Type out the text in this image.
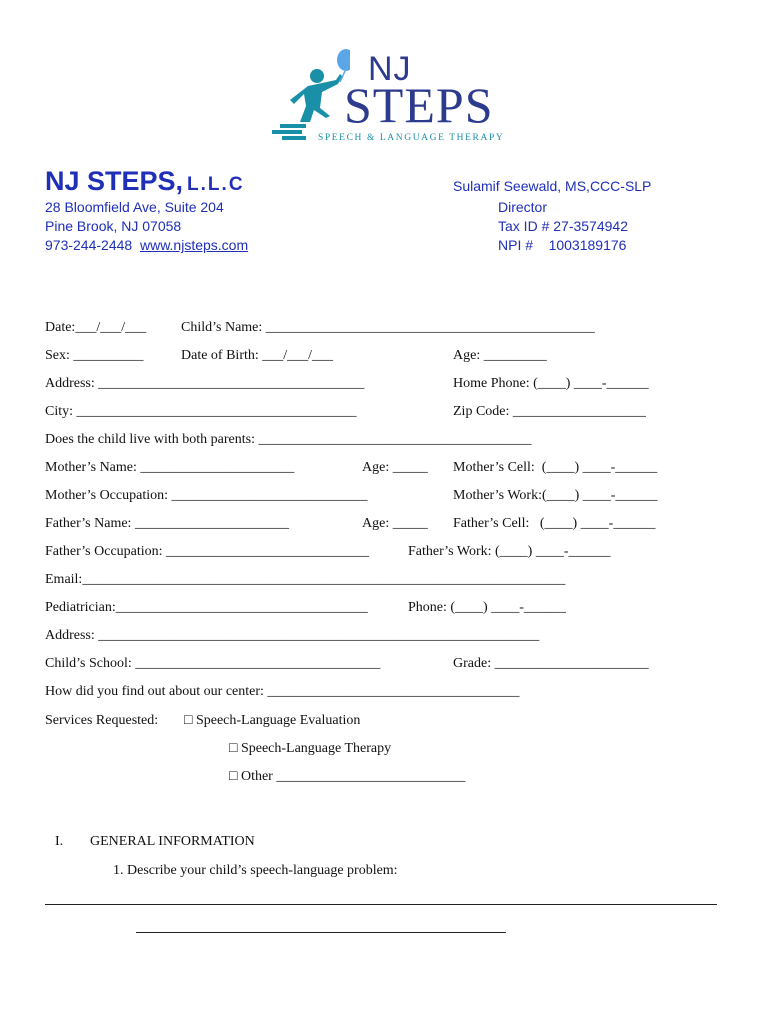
NJ
STEPS
SPEECH & LANGUAGE THERAPY
NJ STEPS, L.L.C
28 Bloomfield Ave, Suite 204
Pine Brook, NJ 07058
973-244-2448 www.njsteps.com
Sulamif Seewald, MS,CCC-SLP
Director
Tax ID # 27-3574942
NPI #    1003189176
Date:___/___/___ Child’s Name: _______________________________________________
Sex: __________	Date of Birth: ___/___/___	Age: _________
Address: ______________________________________	Home Phone: (____) ____-______
City: ________________________________________	Zip Code: ___________________
Does the child live with both parents: _______________________________________
Mother’s Name: ______________________	Age: _____ Mother’s Cell:  (____) ____-______
Mother’s Occupation: ____________________________	Mother’s Work:(____) ____-______
Father’s Name: ______________________	Age: _____ Father’s Cell:   (____) ____-______
Father’s Occupation: _____________________________	Father’s Work: (____) ____-______
Email:_____________________________________________________________________
Pediatrician:____________________________________	Phone: (____) ____-______
Address: _______________________________________________________________
Child’s School: ___________________________________	Grade: ______________________
How did you find out about our center: ____________________________________
Services Requested: □ Speech-Language Evaluation
□ Speech-Language Therapy
□ Other ___________________________
I. GENERAL INFORMATION
1. Describe your child’s speech-language problem:
